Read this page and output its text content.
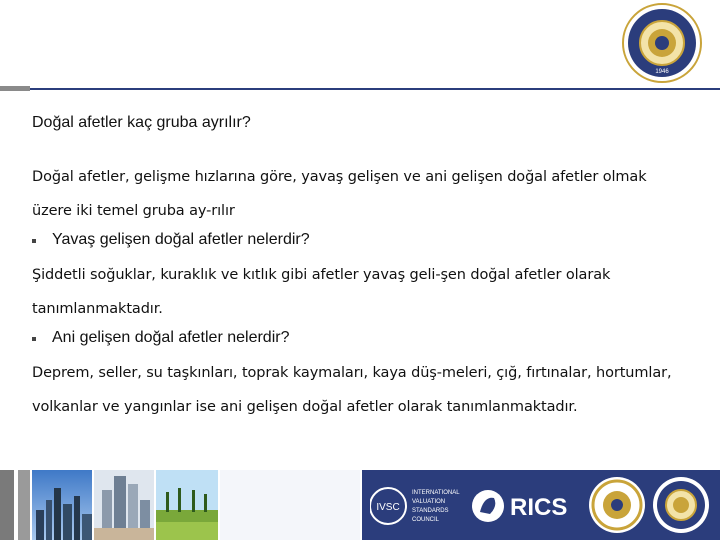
1946
Doğal afetler kaç gruba ayrılır?
Doğal afetler, gelişme hızlarına göre, yavaş gelişen ve ani gelişen doğal afetler olmak
üzere iki temel gruba ay-rılır
Yavaş gelişen doğal afetler nelerdir?
Şiddetli soğuklar, kuraklık ve kıtlık gibi afetler yavaş geli-şen doğal afetler olarak
tanımlanmaktadır.
Ani gelişen doğal afetler nelerdir?
Deprem, seller, su taşkınları, toprak kaymaları, kaya düş-meleri, çığ, fırtınalar, hortumlar,
volkanlar ve yangınlar ise ani gelişen doğal afetler olarak tanımlanmaktadır.
IVSC
INTERNATIONAL
VALUATION
STANDARDS
COUNCIL	RICS
